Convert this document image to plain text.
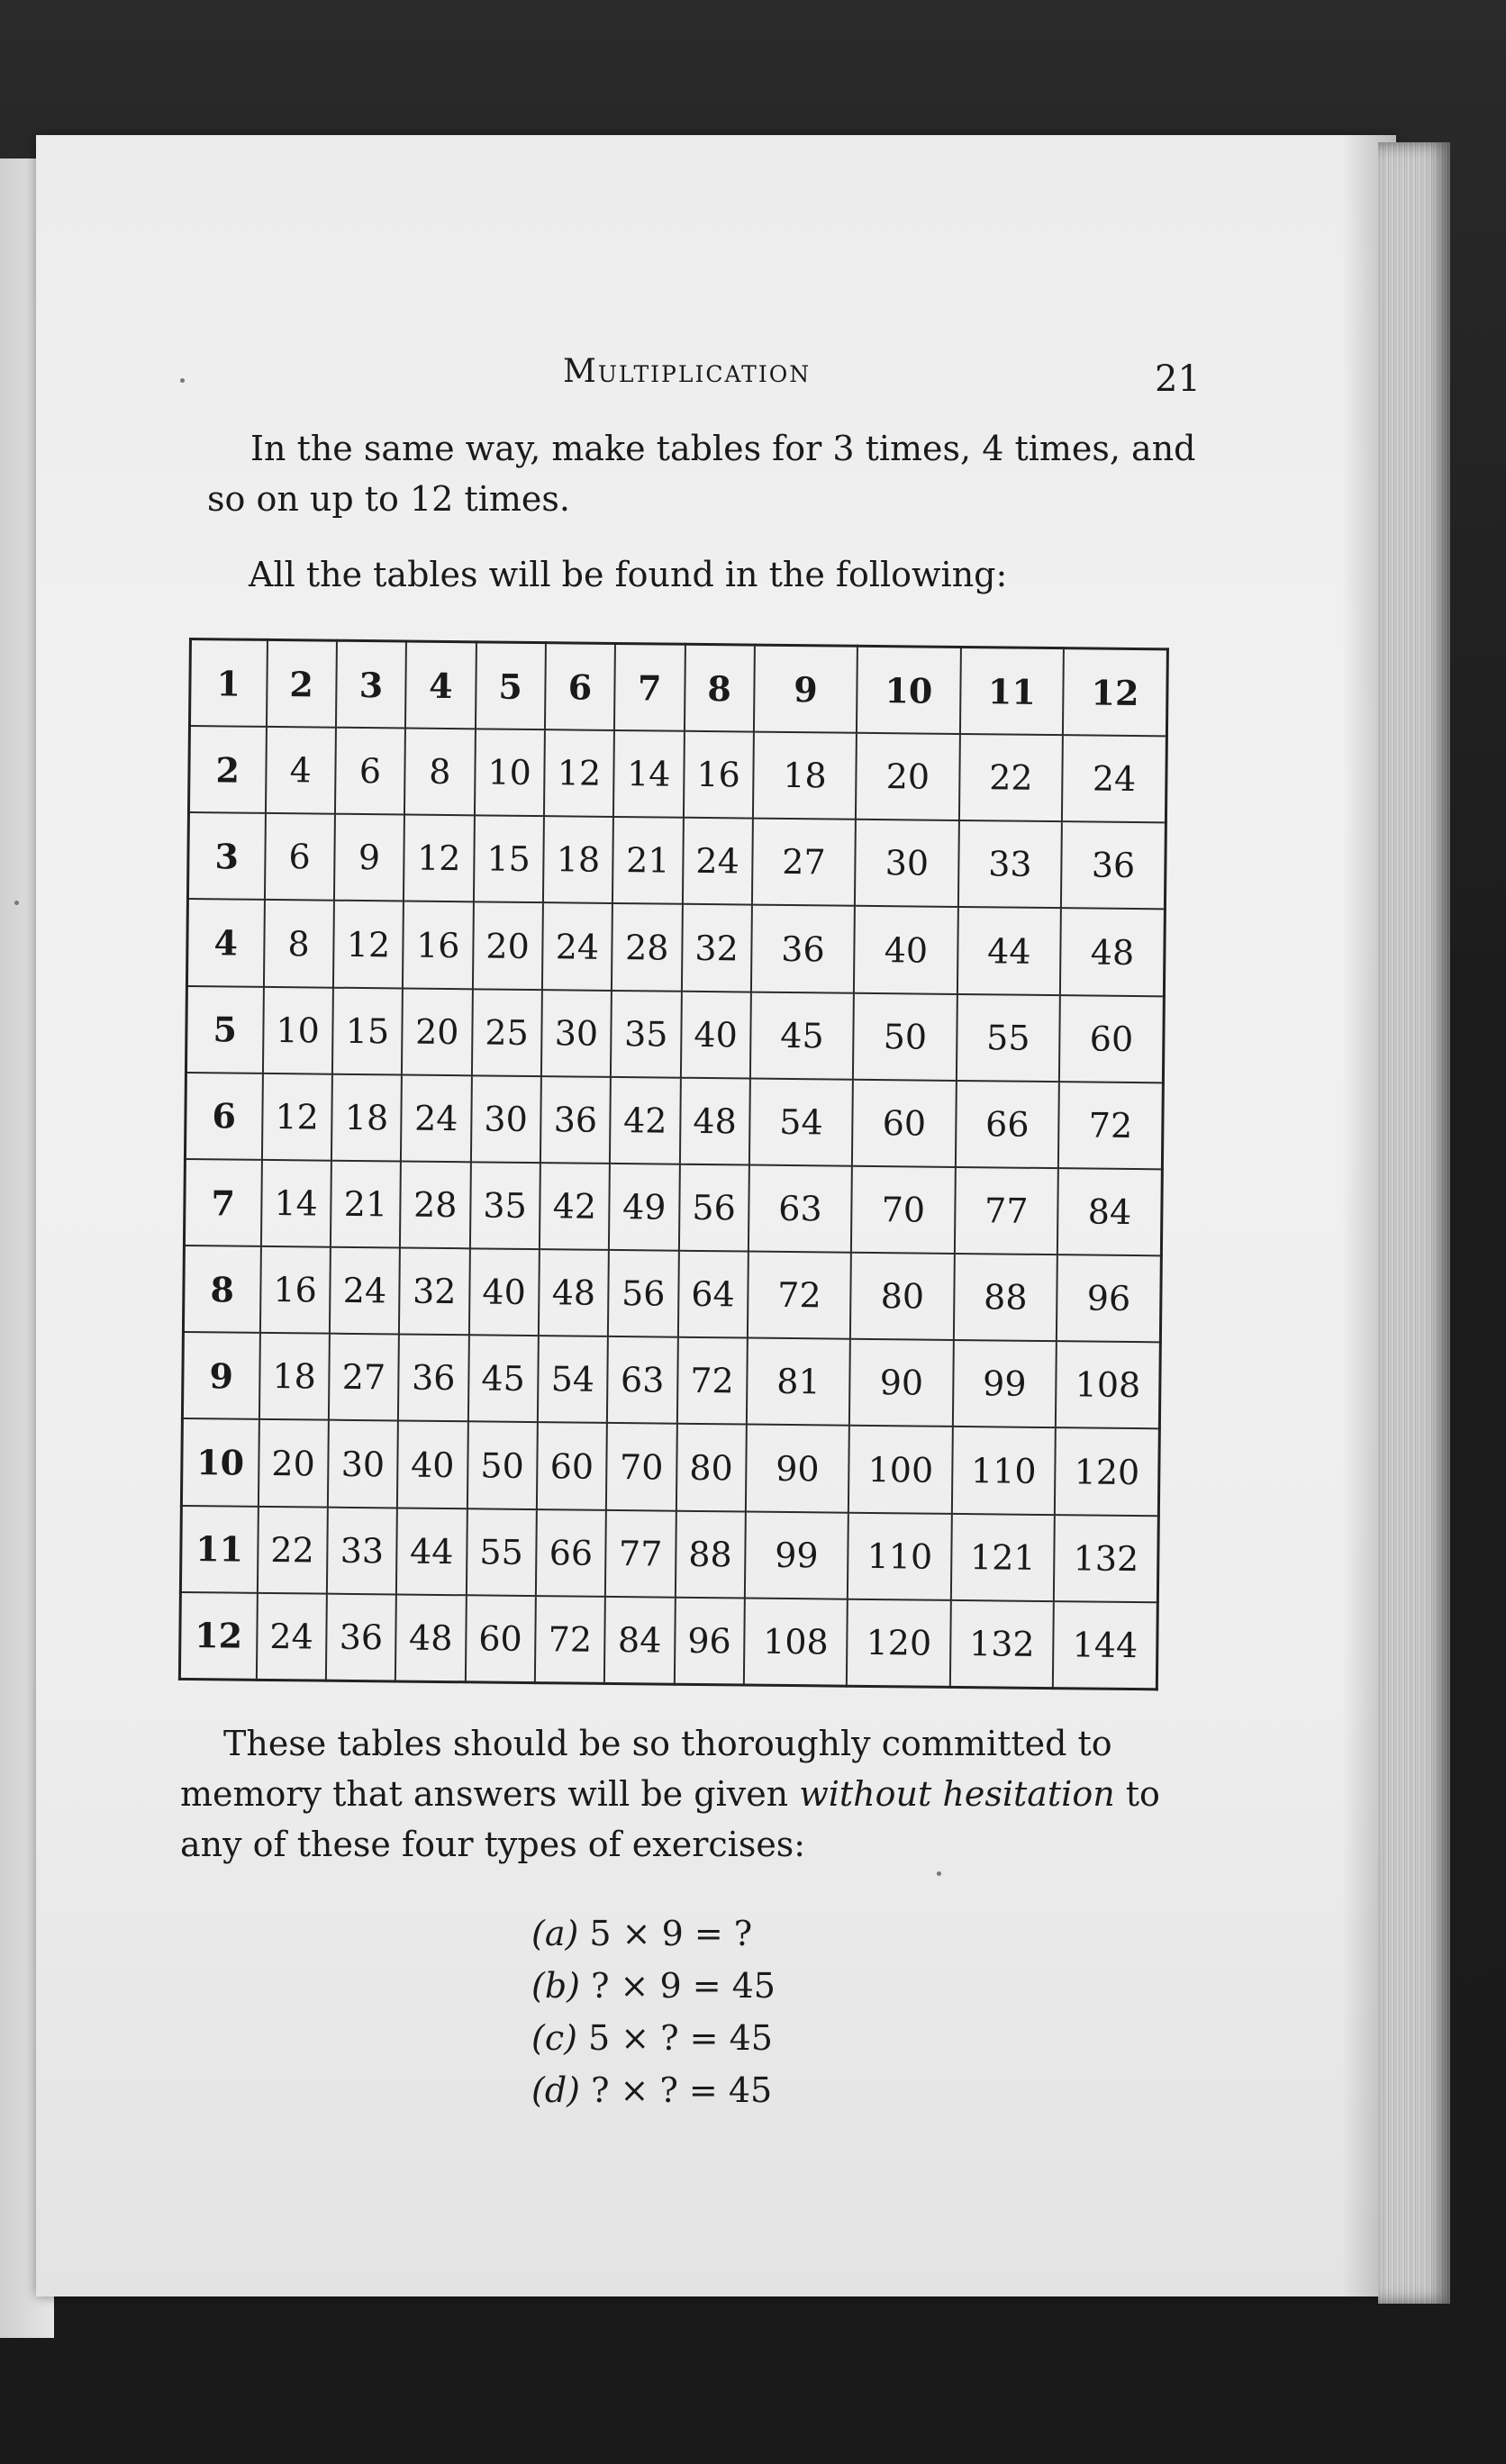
Multiplication	21

In the same way, make tables for 3 times, 4 times, and so on up to 12 times.

All the tables will be found in the following:

1	2	3	4	5	6	7	8	9	10	11	12
2	4	6	8	10	12	14	16	18	20	22	24
3	6	9	12	15	18	21	24	27	30	33	36
4	8	12	16	20	24	28	32	36	40	44	48
5	10	15	20	25	30	35	40	45	50	55	60
6	12	18	24	30	36	42	48	54	60	66	72
7	14	21	28	35	42	49	56	63	70	77	84
8	16	24	32	40	48	56	64	72	80	88	96
9	18	27	36	45	54	63	72	81	90	99	108
10	20	30	40	50	60	70	80	90	100	110	120
11	22	33	44	55	66	77	88	99	110	121	132
12	24	36	48	60	72	84	96	108	120	132	144

These tables should be so thoroughly committed to memory that answers will be given without hesitation to any of these four types of exercises:

(a) 5 × 9 = ?
(b) ? × 9 = 45
(c) 5 × ? = 45
(d) ? × ? = 45
